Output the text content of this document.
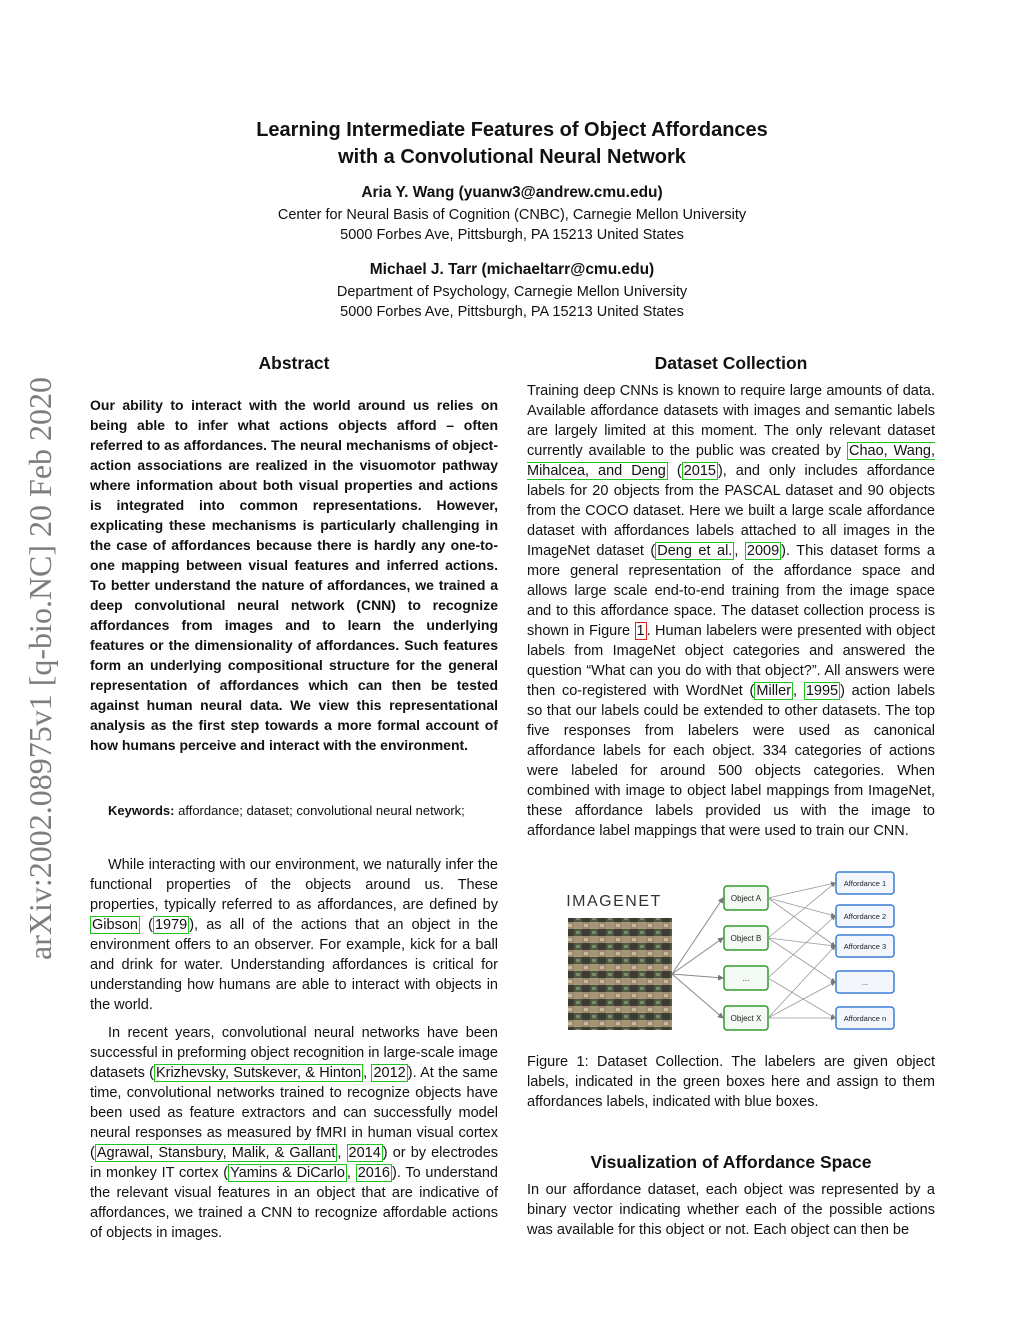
Learning Intermediate Features of Object Affordances
with a Convolutional Neural Network
Aria Y. Wang (yuanw3@andrew.cmu.edu)
Center for Neural Basis of Cognition (CNBC), Carnegie Mellon University
5000 Forbes Ave, Pittsburgh, PA 15213 United States
Michael J. Tarr (michaeltarr@cmu.edu)
Department of Psychology, Carnegie Mellon University
5000 Forbes Ave, Pittsburgh, PA 15213 United States
arXiv:2002.08975v1 [q-bio.NC] 20 Feb 2020
Abstract
Our ability to interact with the world around us relies on being able to infer what actions objects afford – often referred to as affordances. The neural mechanisms of object-action associations are realized in the visuomotor pathway where information about both visual properties and actions is integrated into common representations. However, explicating these mechanisms is particularly challenging in the case of affordances because there is hardly any one-to-one mapping between visual features and inferred actions. To better understand the nature of affordances, we trained a deep convolutional neural network (CNN) to recognize affordances from images and to learn the underlying features or the dimensionality of affordances. Such features form an underlying compositional structure for the general representation of affordances which can then be tested against human neural data. We view this representational analysis as the first step towards a more formal account of how humans perceive and interact with the environment.
Keywords: affordance; dataset; convolutional neural network;

While interacting with our environment, we naturally infer the functional properties of the objects around us. These properties, typically referred to as affordances, are defined by Gibson ( 1979 ), as all of the actions that an object in the environment offers to an observer. For example, kick for a ball and drink for water. Understanding affordances is critical for understanding how humans are able to interact with objects in the world.

In recent years, convolutional neural networks have been successful in preforming object recognition in large-scale image datasets ( Krizhevsky, Sutskever, & Hinton , 2012 ). At the same time, convolutional networks trained to recognize objects have been used as feature extractors and can successfully model neural responses as measured by fMRI in human visual cortex ( Agrawal, Stansbury, Malik, & Gallant , 2014 ) or by electrodes in monkey IT cortex ( Yamins & DiCarlo , 2016 ). To understand the relevant visual features in an object that are indicative of affordances, we trained a CNN to recognize affordable actions of objects in images.

Dataset Collection
Training deep CNNs is known to require large amounts of data. Available affordance datasets with images and semantic labels are largely limited at this moment. The only relevant dataset currently available to the public was created by Chao, Wang, Mihalcea, and Deng ( 2015 ), and only includes affordance labels for 20 objects from the PASCAL dataset and 90 objects from the COCO dataset. Here we built a large scale affordance dataset with affordances labels attached to all images in the ImageNet dataset ( Deng et al. , 2009 ). This dataset forms a more general representation of the affordance space and allows large scale end-to-end training from the image space and to this affordance space. The dataset collection process is shown in Figure 1 . Human labelers were presented with object labels from ImageNet object categories and answered the question “What can you do with that object?”. All answers were then co-registered with WordNet ( Miller , 1995 ) action labels so that our labels could be extended to other datasets. The top five responses from labelers were used as canonical affordance labels for each object. 334 categories of actions were labeled for around 500 objects categories. When combined with image to object label mappings from ImageNet, these affordance labels provided us with the image to affordance label mappings that were used to train our CNN.
IMAGENET	Object A
Object B
...
Object X
Affordance 1
Affordance 2
Affordance 3
...
Affordance n
Figure 1: Dataset Collection. The labelers are given object labels, indicated in the green boxes here and assign to them affordances labels, indicated with blue boxes.
Visualization of Affordance Space
In our affordance dataset, each object was represented by a binary vector indicating whether each of the possible actions was available for this object or not. Each object can then be
